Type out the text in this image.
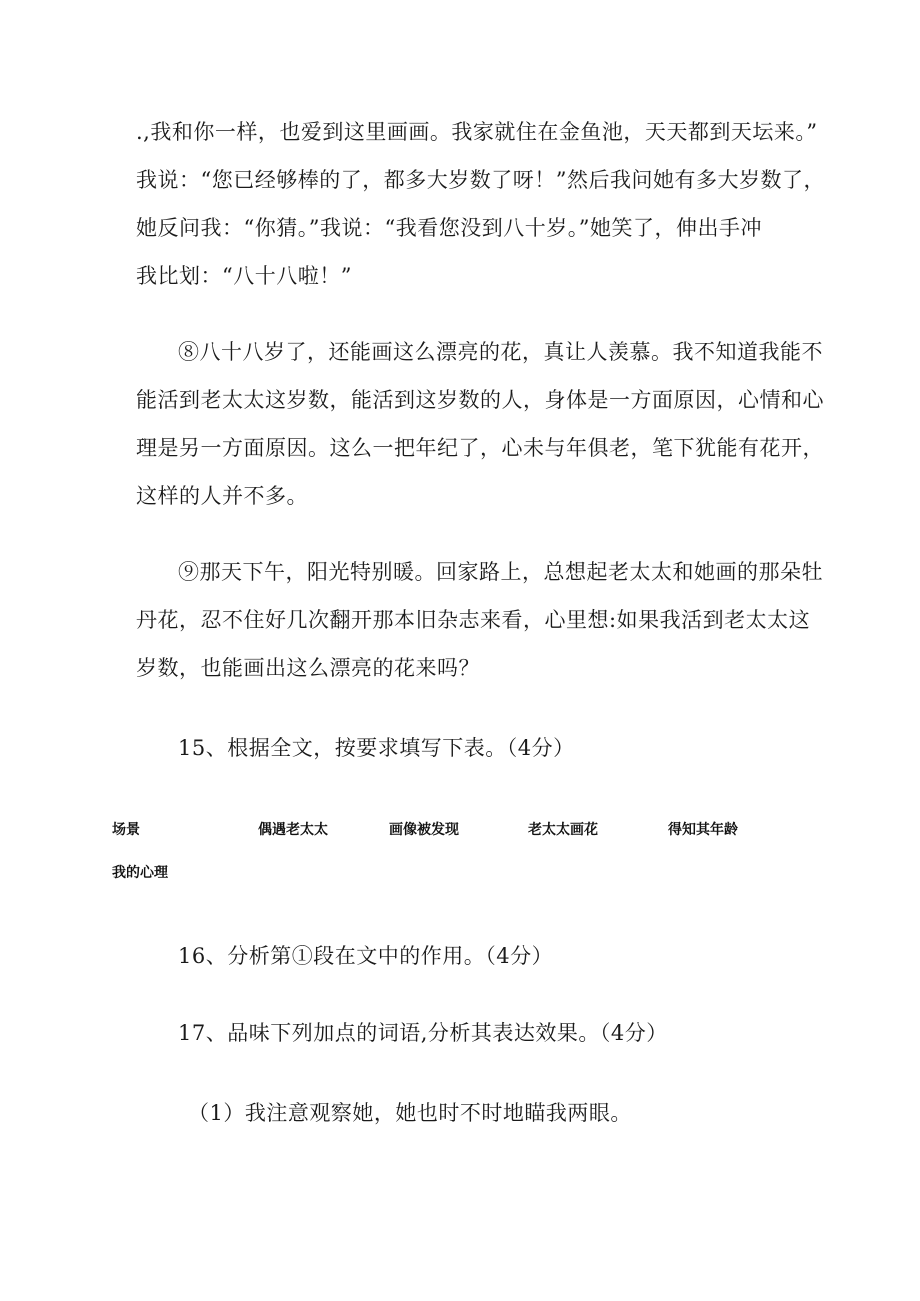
.,我和你一样，也爱到这里画画。我家就住在金鱼池，天天都到天坛来。”
我说：“您已经够棒的了，都多大岁数了呀！”然后我问她有多大岁数了，
她反问我：“你猜。”我说：“我看您没到八十岁。”她笑了，伸出手冲
我比划：“八十八啦！”
⑧八十八岁了，还能画这么漂亮的花，真让人羡慕。我不知道我能不
能活到老太太这岁数，能活到这岁数的人，身体是一方面原因，心情和心
理是另一方面原因。这么一把年纪了，心未与年俱老，笔下犹能有花开，
这样的人并不多。
⑨那天下午，阳光特别暖。回家路上，总想起老太太和她画的那朵牡
丹花，忍不住好几次翻开那本旧杂志来看，心里想:如果我活到老太太这
岁数，也能画出这么漂亮的花来吗？
15、根据全文，按要求填写下表。（4分）
场景	偶遇老太太	画像被发现	老太太画花	得知其年龄
我的心理
16、分析第①段在文中的作用。（4分）
17、品味下列加点的词语,分析其表达效果。（4分）
（1）我注意观察她，她也时不时地瞄我两眼。
